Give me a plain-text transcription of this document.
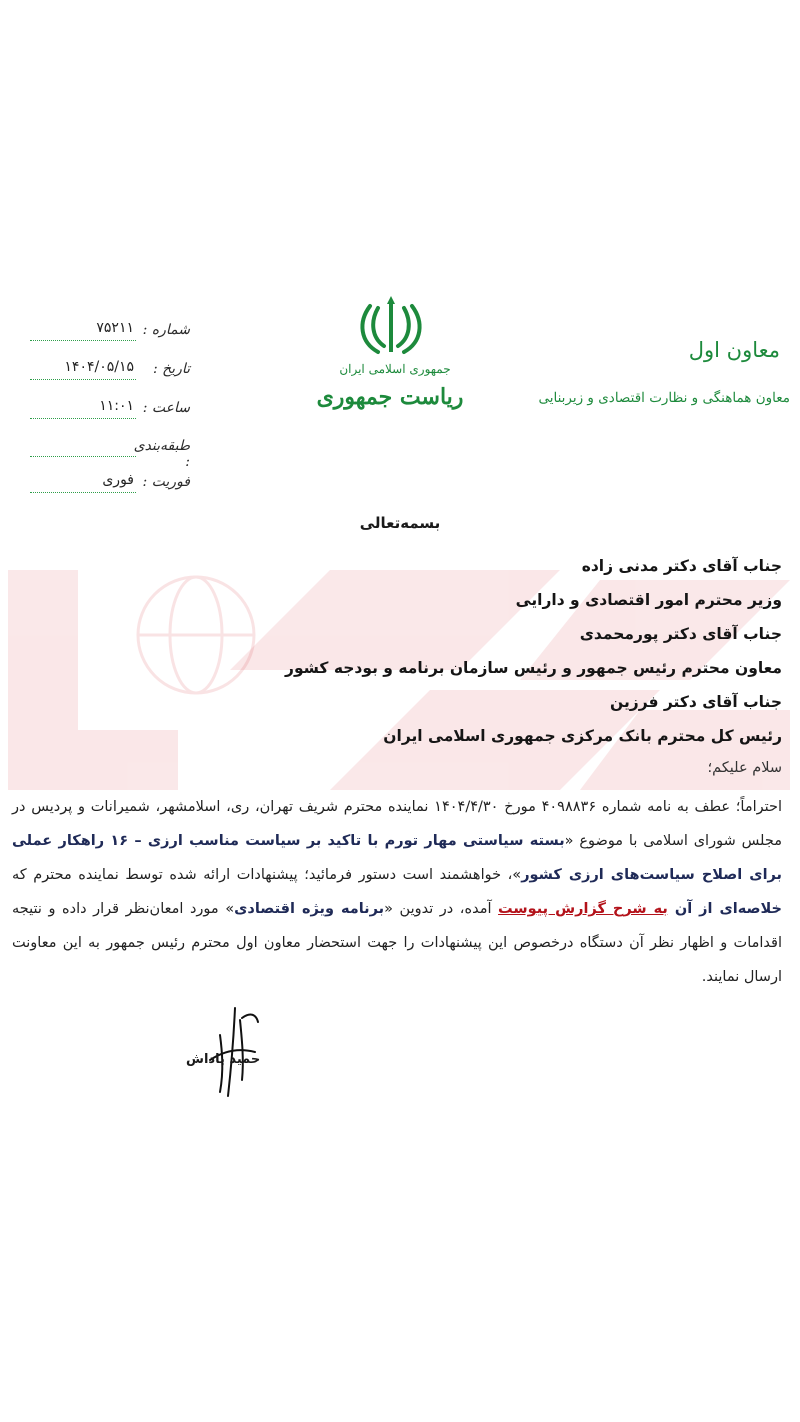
معاون اول
معاون هماهنگی و نظارت اقتصادی و زیربنایی
جمهوری اسلامی ایران
ریاست جمهوری
شماره :
۷۵۲۱۱
تاریخ :
۱۴۰۴/۰۵/۱۵
ساعت :
۱۱:۰۱
طبقه‌بندی :
فوریت :
فوری
بسمه‌تعالی
جناب آقای دکتر مدنی زاده
وزیر محترم امور اقتصادی و دارایی
جناب آقای دکتر پورمحمدی
معاون محترم رئیس جمهور و رئیس سازمان برنامه و بودجه کشور
جناب آقای دکتر فرزین
رئیس کل محترم بانک مرکزی جمهوری اسلامی ایران
سلام علیکم؛
احتراماً؛ عطف به نامه شماره ۴۰۹۸۸۳۶ مورخ ۱۴۰۴/۴/۳۰ نماینده محترم شریف تهران، ری، اسلامشهر، شمیرانات و پردیس در مجلس شورای اسلامی با موضوع «بسته سیاستی مهار تورم با تاکید بر سیاست مناسب ارزی – ۱۶ راهکار عملی برای اصلاح سیاست‌های ارزی کشور»، خواهشمند است دستور فرمائید؛ پیشنهادات ارائه شده توسط نماینده محترم که خلاصه‌ای از آن به شرح گزارش پیوست آمده، در تدوین «برنامه ویژه اقتصادی» مورد امعان‌نظر قرار داده و نتیجه اقدامات و اظهار نظر آن دستگاه درخصوص این پیشنهادات را جهت استحضار معاون اول محترم رئیس جمهور به این معاونت ارسال نمایند.
حمید پاداش
